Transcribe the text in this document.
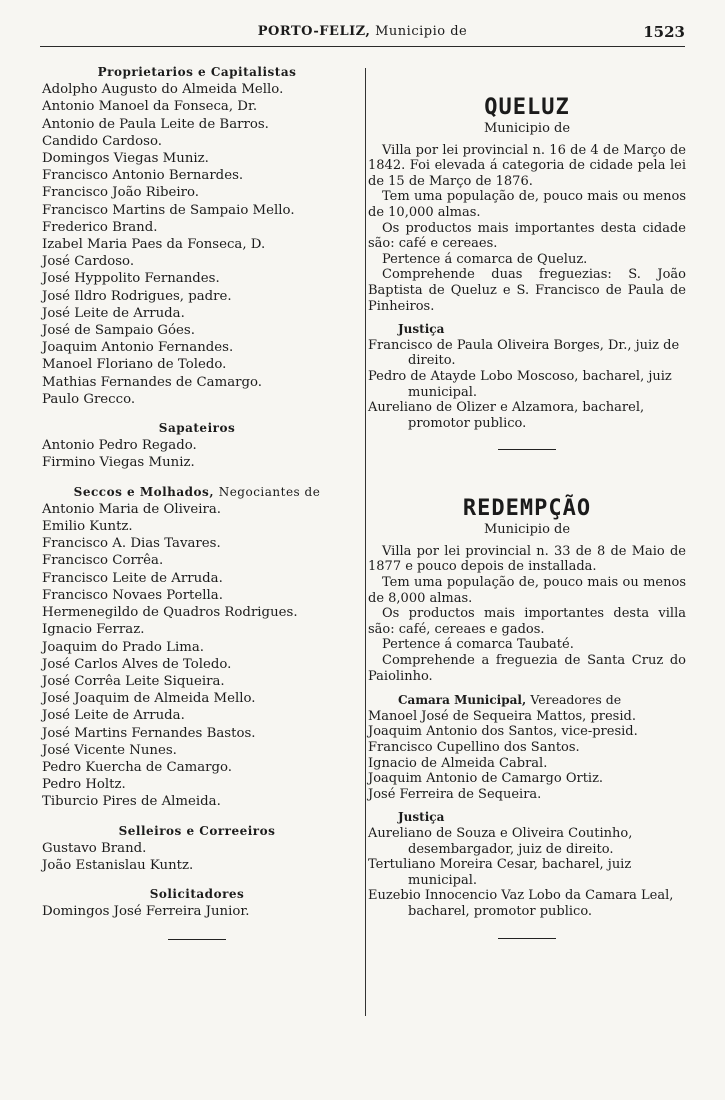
PORTO-FELIZ, Municipio de	1523
Proprietarios e Capitalistas
Adolpho Augusto do Almeida Mello.
Antonio Manoel da Fonseca, Dr.
Antonio de Paula Leite de Barros.
Candido Cardoso.
Domingos Viegas Muniz.
Francisco Antonio Bernardes.
Francisco João Ribeiro.
Francisco Martins de Sampaio Mello.
Frederico Brand.
Izabel Maria Paes da Fonseca, D.
José Cardoso.
José Hyppolito Fernandes.
José Ildro Rodrigues, padre.
José Leite de Arruda.
José de Sampaio Góes.
Joaquim Antonio Fernandes.
Manoel Floriano de Toledo.
Mathias Fernandes de Camargo.
Paulo Grecco.
Sapateiros
Antonio Pedro Regado.
Firmino Viegas Muniz.
Seccos e Molhados, Negociantes de
Antonio Maria de Oliveira.
Emilio Kuntz.
Francisco A. Dias Tavares.
Francisco Corrêa.
Francisco Leite de Arruda.
Francisco Novaes Portella.
Hermenegildo de Quadros Rodrigues.
Ignacio Ferraz.
Joaquim do Prado Lima.
José Carlos Alves de Toledo.
José Corrêa Leite Siqueira.
José Joaquim de Almeida Mello.
José Leite de Arruda.
José Martins Fernandes Bastos.
José Vicente Nunes.
Pedro Kuercha de Camargo.
Pedro Holtz.
Tiburcio Pires de Almeida.
Selleiros e Correeiros
Gustavo Brand.
João Estanislau Kuntz.
Solicitadores
Domingos José Ferreira Junior.
QUELUZ
Municipio de
Villa por lei provincial n. 16 de 4 de Março de 1842. Foi elevada á categoria de cidade pela lei de 15 de Março de 1876.
Tem uma população de, pouco mais ou menos de 10,000 almas.
Os productos mais importantes desta cidade são: café e cereaes.
Pertence á comarca de Queluz.
Comprehende duas freguezias: S. João Baptista de Queluz e S. Francisco de Paula de Pinheiros.
Justiça
Francisco de Paula Oliveira Borges, Dr., juiz de direito.
Pedro de Atayde Lobo Moscoso, bacharel, juiz municipal.
Aureliano de Olizer e Alzamora, bacharel, promotor publico.
REDEMPÇÃO
Municipio de
Villa por lei provincial n. 33 de 8 de Maio de 1877 e pouco depois de installada.
Tem uma população de, pouco mais ou menos de 8,000 almas.
Os productos mais importantes desta villa são: café, cereaes e gados.
Pertence á comarca Taubaté.
Comprehende a freguezia de Santa Cruz do Paiolinho.
Camara Municipal, Vereadores de
Manoel José de Sequeira Mattos, presid.
Joaquim Antonio dos Santos, vice-presid.
Francisco Cupellino dos Santos.
Ignacio de Almeida Cabral.
Joaquim Antonio de Camargo Ortiz.
José Ferreira de Sequeira.
Justiça
Aureliano de Souza e Oliveira Coutinho, desembargador, juiz de direito.
Tertuliano Moreira Cesar, bacharel, juiz municipal.
Euzebio Innocencio Vaz Lobo da Camara Leal, bacharel, promotor publico.
